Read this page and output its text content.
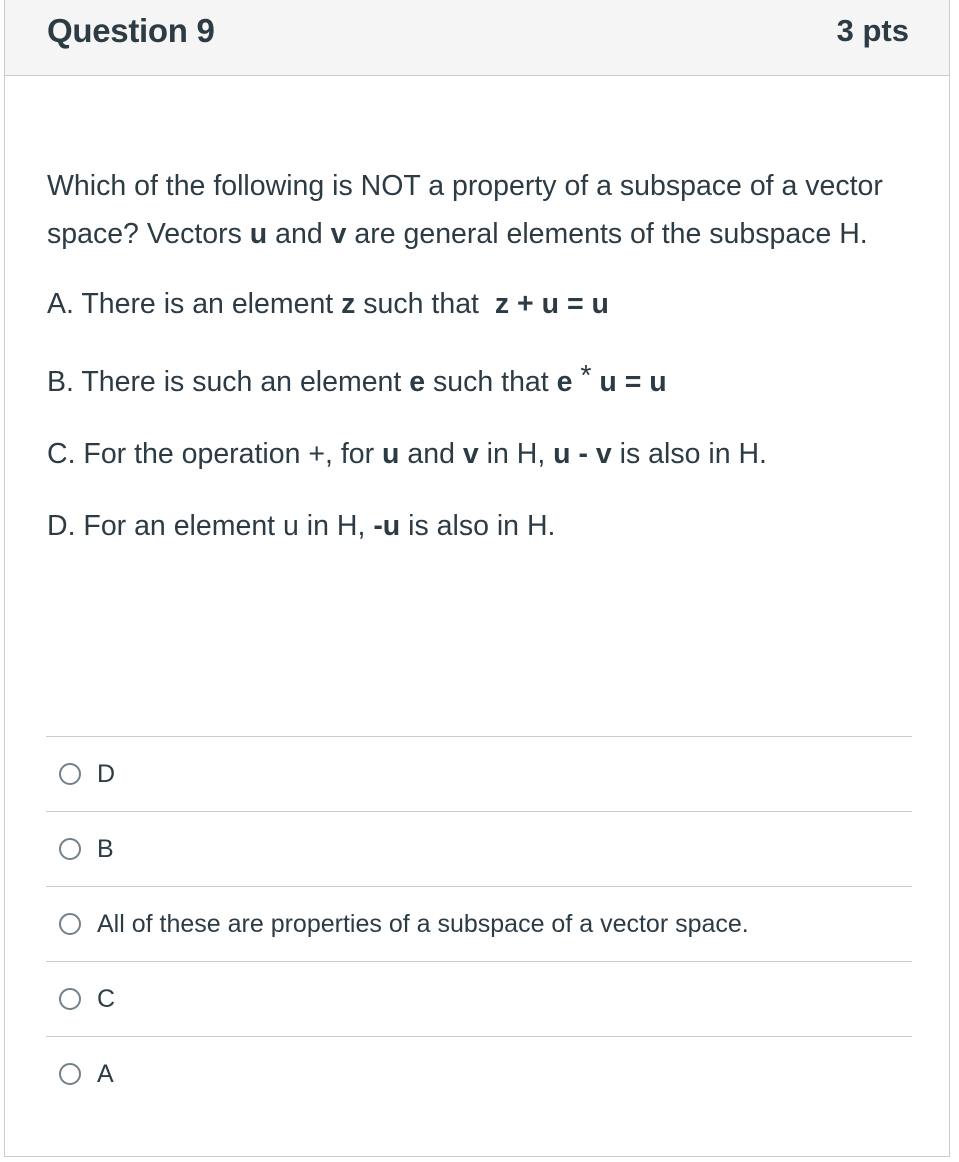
Question 9	3 pts

Which of the following is NOT a property of a subspace of a vector space? Vectors u and v are general elements of the subspace H.

A. There is an element z such that z + u = u

B. There is such an element e such that e * u = u

C. For the operation +, for u and v in H, u - v is also in H.

D. For an element u in H, -u is also in H.

D
B
All of these are properties of a subspace of a vector space.
C
A
